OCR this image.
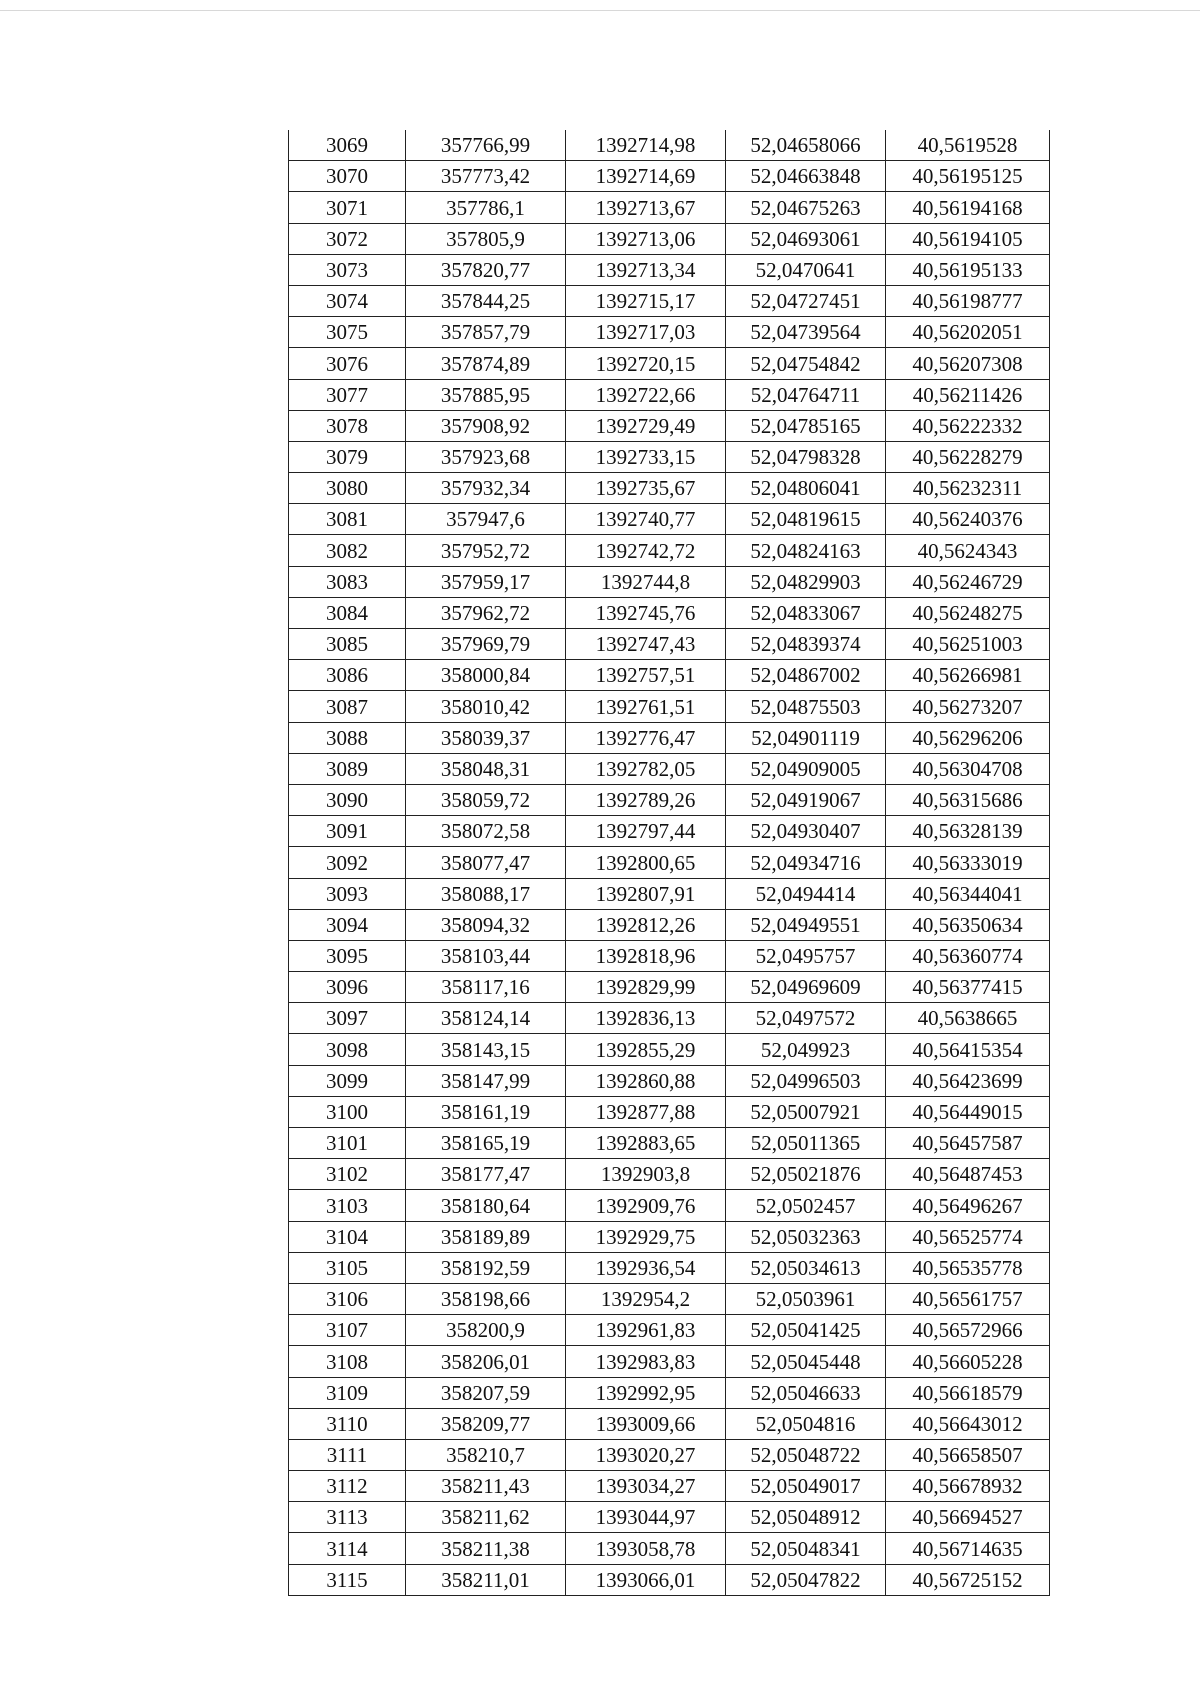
3069	357766,99	1392714,98	52,04658066	40,5619528
3070	357773,42	1392714,69	52,04663848	40,56195125
3071	357786,1	1392713,67	52,04675263	40,56194168
3072	357805,9	1392713,06	52,04693061	40,56194105
3073	357820,77	1392713,34	52,0470641	40,56195133
3074	357844,25	1392715,17	52,04727451	40,56198777
3075	357857,79	1392717,03	52,04739564	40,56202051
3076	357874,89	1392720,15	52,04754842	40,56207308
3077	357885,95	1392722,66	52,04764711	40,56211426
3078	357908,92	1392729,49	52,04785165	40,56222332
3079	357923,68	1392733,15	52,04798328	40,56228279
3080	357932,34	1392735,67	52,04806041	40,56232311
3081	357947,6	1392740,77	52,04819615	40,56240376
3082	357952,72	1392742,72	52,04824163	40,5624343
3083	357959,17	1392744,8	52,04829903	40,56246729
3084	357962,72	1392745,76	52,04833067	40,56248275
3085	357969,79	1392747,43	52,04839374	40,56251003
3086	358000,84	1392757,51	52,04867002	40,56266981
3087	358010,42	1392761,51	52,04875503	40,56273207
3088	358039,37	1392776,47	52,04901119	40,56296206
3089	358048,31	1392782,05	52,04909005	40,56304708
3090	358059,72	1392789,26	52,04919067	40,56315686
3091	358072,58	1392797,44	52,04930407	40,56328139
3092	358077,47	1392800,65	52,04934716	40,56333019
3093	358088,17	1392807,91	52,0494414	40,56344041
3094	358094,32	1392812,26	52,04949551	40,56350634
3095	358103,44	1392818,96	52,0495757	40,56360774
3096	358117,16	1392829,99	52,04969609	40,56377415
3097	358124,14	1392836,13	52,0497572	40,5638665
3098	358143,15	1392855,29	52,049923	40,56415354
3099	358147,99	1392860,88	52,04996503	40,56423699
3100	358161,19	1392877,88	52,05007921	40,56449015
3101	358165,19	1392883,65	52,05011365	40,56457587
3102	358177,47	1392903,8	52,05021876	40,56487453
3103	358180,64	1392909,76	52,0502457	40,56496267
3104	358189,89	1392929,75	52,05032363	40,56525774
3105	358192,59	1392936,54	52,05034613	40,56535778
3106	358198,66	1392954,2	52,0503961	40,56561757
3107	358200,9	1392961,83	52,05041425	40,56572966
3108	358206,01	1392983,83	52,05045448	40,56605228
3109	358207,59	1392992,95	52,05046633	40,56618579
3110	358209,77	1393009,66	52,0504816	40,56643012
3111	358210,7	1393020,27	52,05048722	40,56658507
3112	358211,43	1393034,27	52,05049017	40,56678932
3113	358211,62	1393044,97	52,05048912	40,56694527
3114	358211,38	1393058,78	52,05048341	40,56714635
3115	358211,01	1393066,01	52,05047822	40,56725152
